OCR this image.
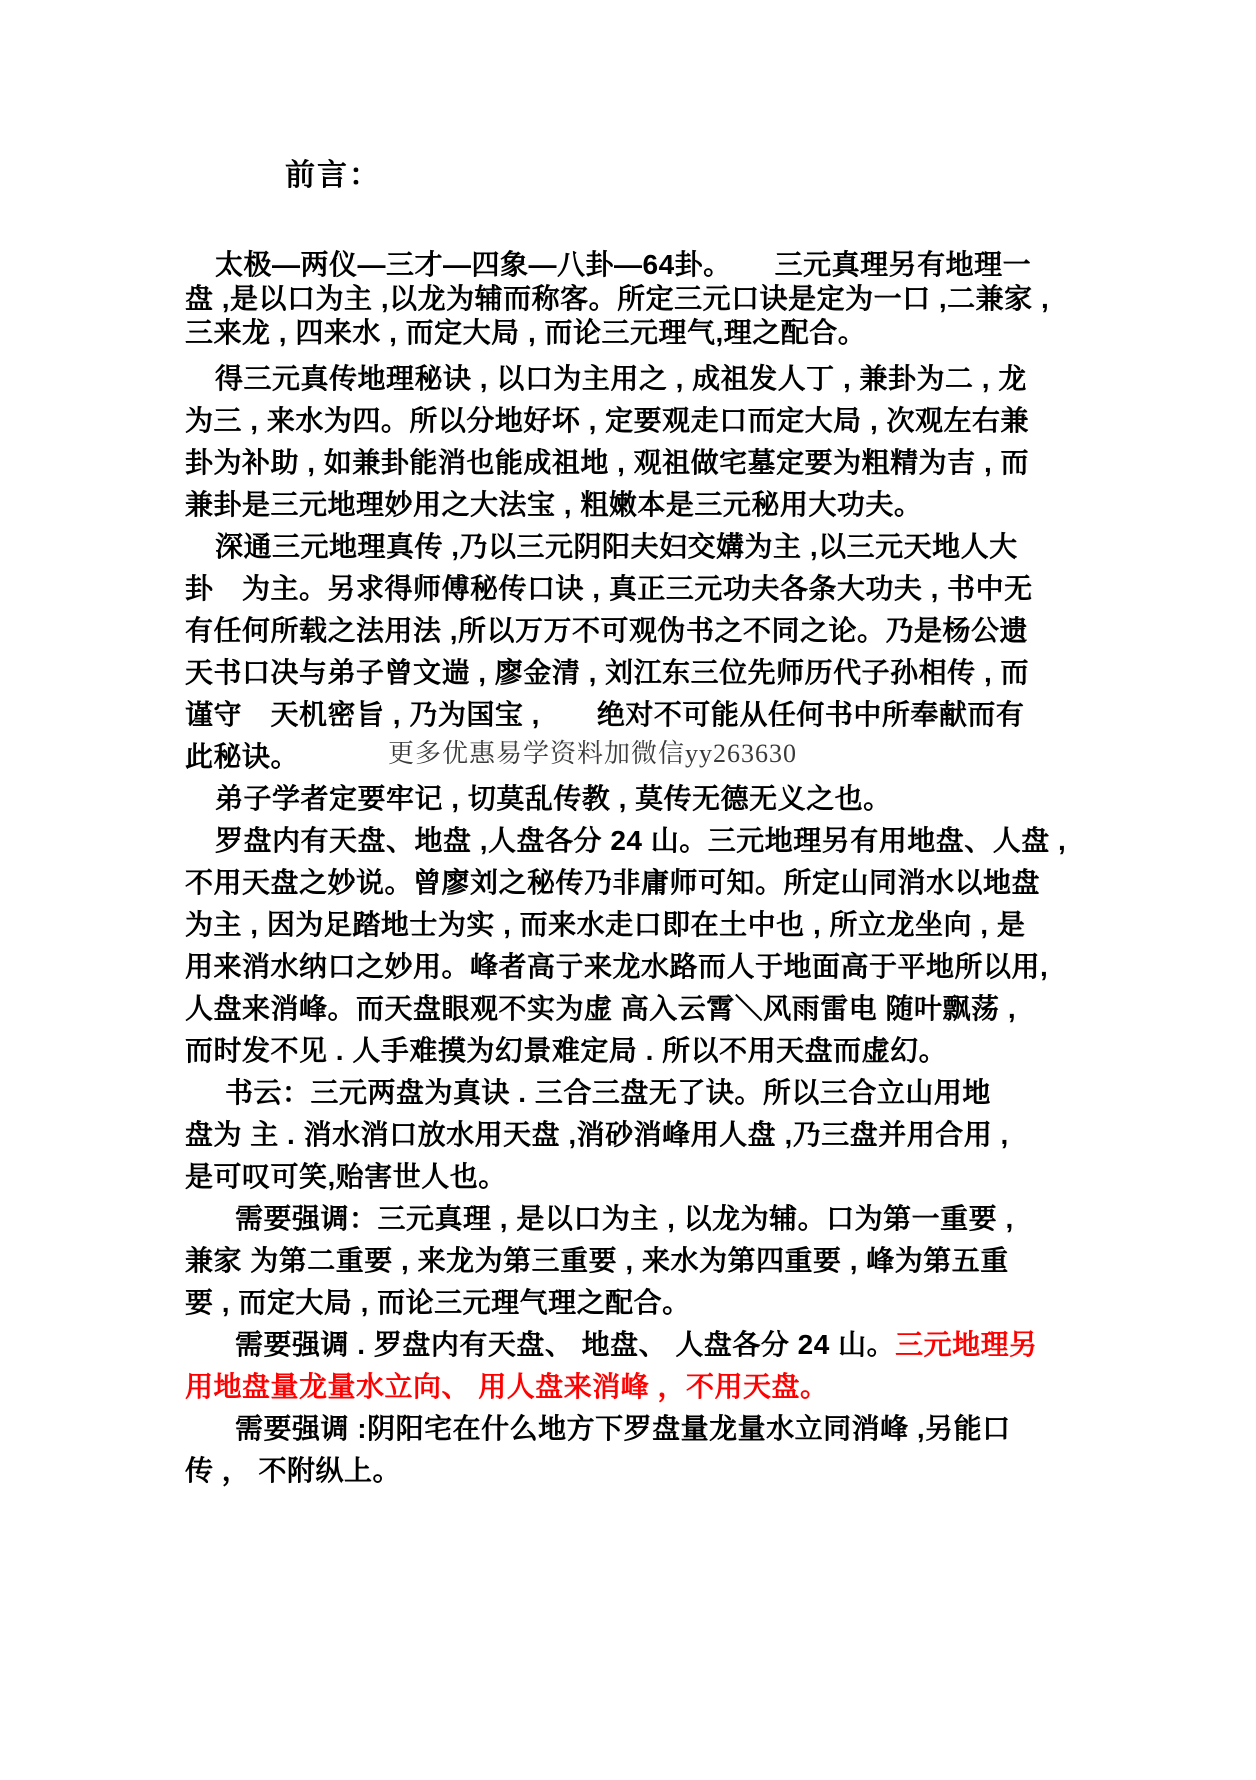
前言：
更多优惠易学资料加微信yy263630
太极—两仪—三才—四象—八卦—64卦。　　三元真理另有地理一
盘 ,是以口为主 ,以龙为辅而称客。所定三元口诀是定为一口 ,二兼家 ,
三来龙 , 四来水 , 而定大局 , 而论三元理气,理之配合。
得三元真传地理秘诀 , 以口为主用之 , 成祖发人丁 , 兼卦为二 , 龙
为三 , 来水为四。所以分地好坏 , 定要观走口而定大局 , 次观左右兼
卦为补助 , 如兼卦能消也能成祖地 , 观祖做宅墓定要为粗精为吉 , 而
兼卦是三元地理妙用之大法宝 , 粗嫩本是三元秘用大功夫。
深通三元地理真传 ,乃以三元阴阳夫妇交媾为主 ,以三元天地人大
卦　为主。另求得师傅秘传口诀 , 真正三元功夫各条大功夫 , 书中无
有任何所载之法用法 ,所以万万不可观伪书之不同之论。乃是杨公遗
天书口决与弟子曾文遄 , 廖金清 , 刘江东三位先师历代子孙相传 , 而
谨守　天机密旨 , 乃为国宝 ,　　绝对不可能从任何书中所奉献而有
此秘诀。
弟子学者定要牢记 , 切莫乱传教 , 莫传无德无义之也。
罗盘内有天盘、地盘 ,人盘各分 24 山。三元地理另有用地盘、人盘 ,
不用天盘之妙说。曾廖刘之秘传乃非庸师可知。所定山同消水以地盘
为主 , 因为足踏地士为实 , 而来水走口即在土中也 , 所立龙坐向 , 是
用来消水纳口之妙用。峰者高亍来龙水路而人于地面高于平地所以用,
人盘来消峰。而天盘眼观不实为虚 高入云霄＼风雨雷电 随叶飘荡 ,
而时发不见 . 人手难摸为幻景难定局 . 所以不用天盘而虚幻。
书云：三元两盘为真诀 . 三合三盘无了诀。所以三合立山用地
盘为 主 . 消水消口放水用天盘 ,消砂消峰用人盘 ,乃三盘并用合用 ,
是可叹可笑,贻害世人也。
需要强调：三元真理 , 是以口为主 , 以龙为辅。口为第一重要 ,
兼家 为第二重要 , 来龙为第三重要 , 来水为第四重要 , 峰为第五重
要 , 而定大局 , 而论三元理气理之配合。
需要强调 . 罗盘内有天盘、 地盘、 人盘各分 24 山。三元地理另
用地盘量龙量水立向、 用人盘来消峰 ，不用天盘。
需要强调 :阴阳宅在什么地方下罗盘量龙量水立同消峰 ,另能口
传 ， 不附纵上。
